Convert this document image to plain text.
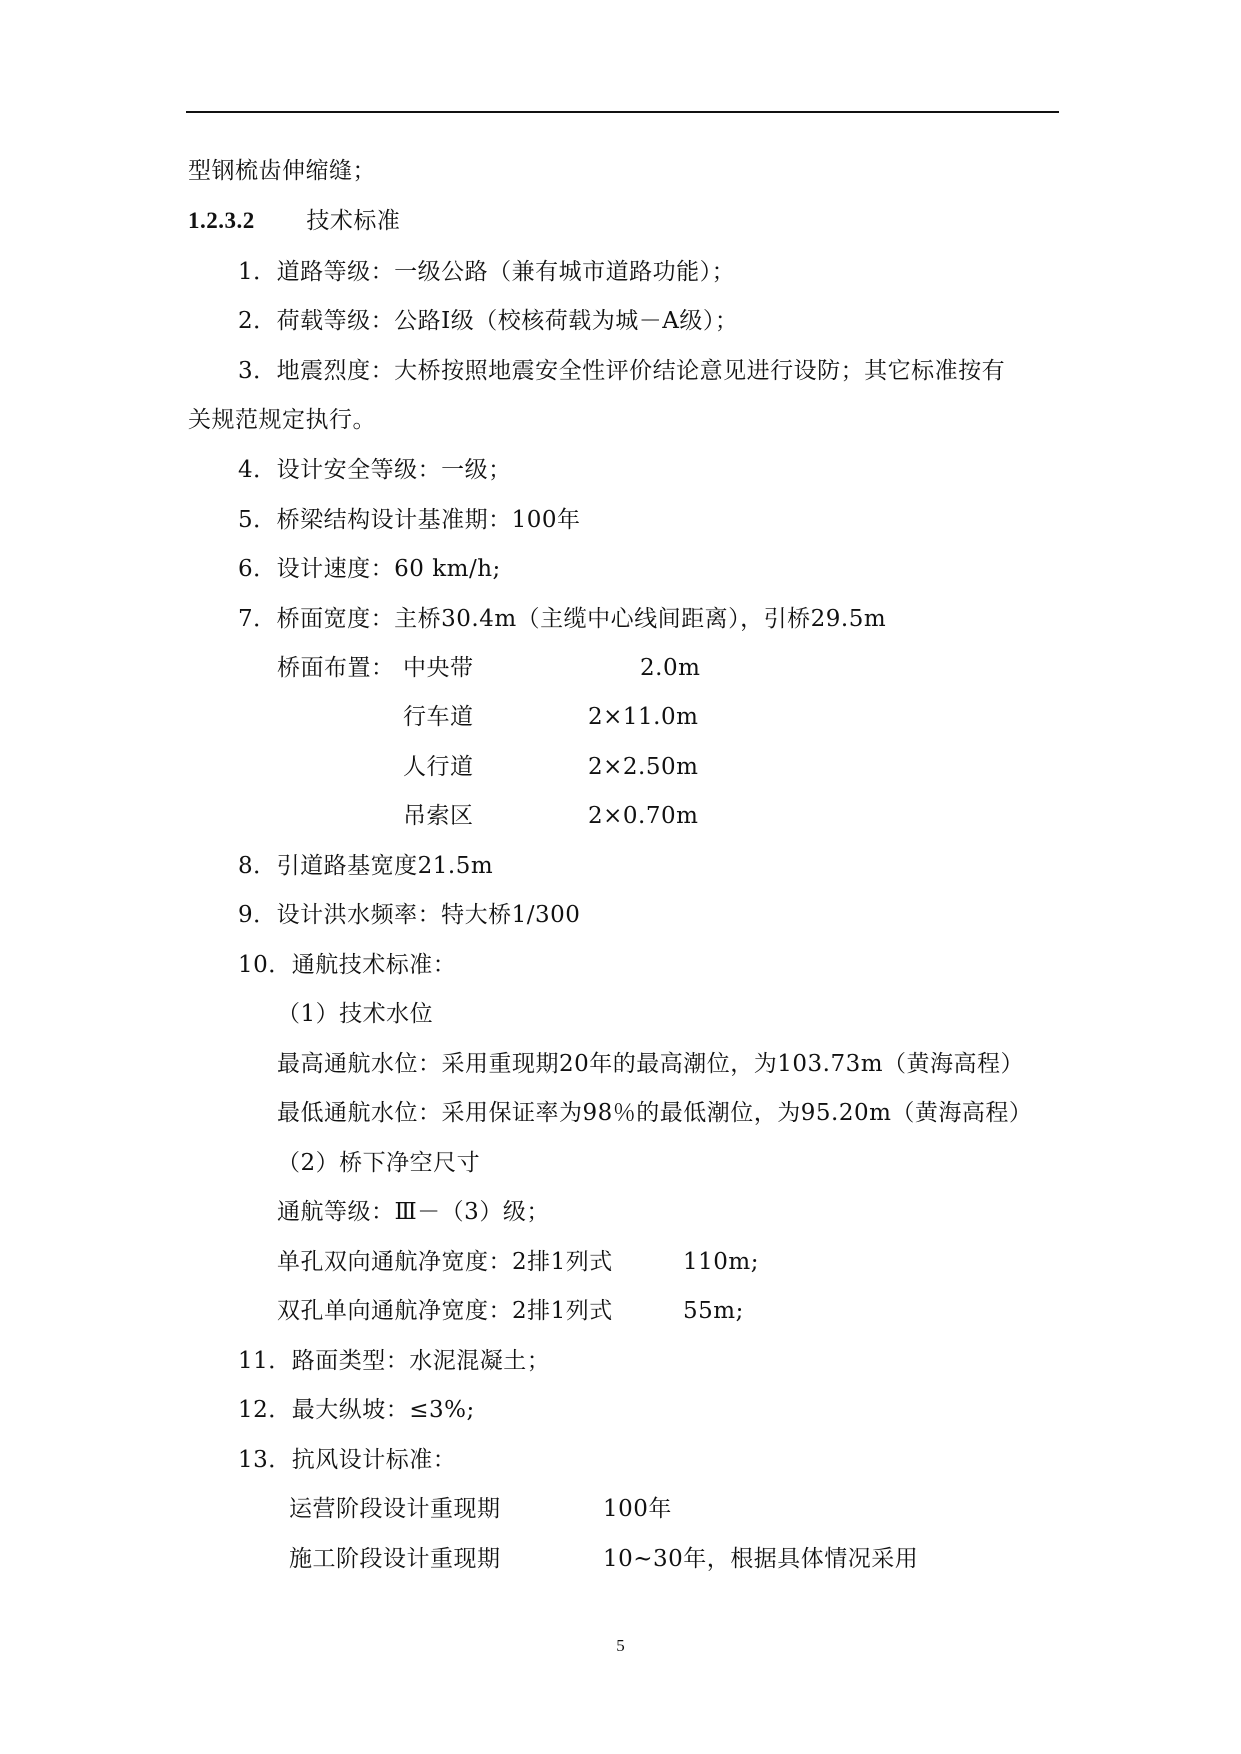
型钢梳齿伸缩缝；
1.2.3.2 技术标准
1．道路等级：一级公路（兼有城市道路功能）；
2．荷载等级：公路Ⅰ级（校核荷载为城－A级）；
3．地震烈度：大桥按照地震安全性评价结论意见进行设防；其它标准按有
关规范规定执行。
4．设计安全等级：一级；
5．桥梁结构设计基准期：100年
6．设计速度：60 km/h;
7．桥面宽度：主桥30.4m（主缆中心线间距离），引桥29.5m
桥面布置： 中央带	2.0m
行车道	2×11.0m
人行道	2×2.50m
吊索区	2×0.70m
8．引道路基宽度21.5m
9．设计洪水频率：特大桥1/300
10．通航技术标准：
（1）技术水位
最高通航水位：采用重现期20年的最高潮位，为103.73m（黄海高程）
最低通航水位：采用保证率为98％的最低潮位，为95.20m（黄海高程）
（2）桥下净空尺寸
通航等级：Ⅲ－（3）级；
单孔双向通航净宽度：2排1列式	110m;
双孔单向通航净宽度：2排1列式	55m;
11．路面类型：水泥混凝土；
12．最大纵坡：≤3%;
13．抗风设计标准：
运营阶段设计重现期	100年
施工阶段设计重现期	10~30年，根据具体情况采用
5
